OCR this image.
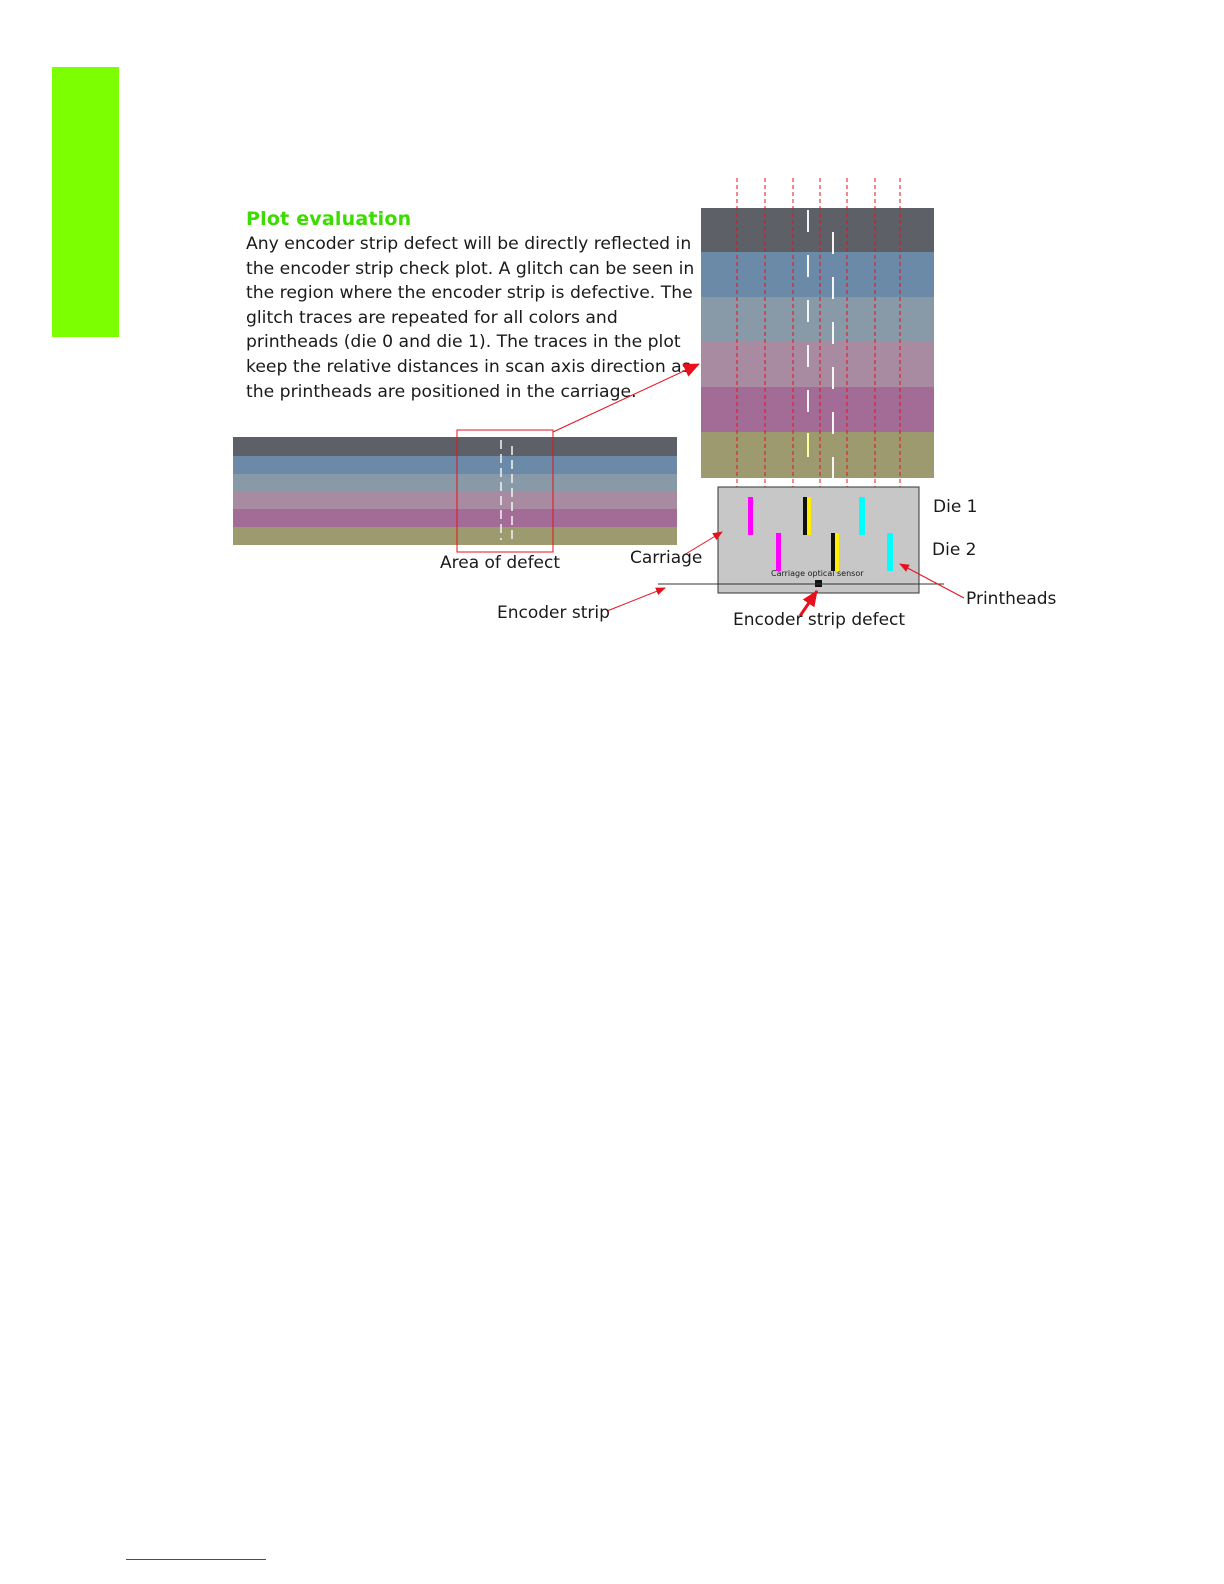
Plot evaluation

Any encoder strip defect will be directly reflected in
the encoder strip check plot. A glitch can be seen in
the region where the encoder strip is defective. The
glitch traces are repeated for all colors and
printheads (die 0 and die 1). The traces in the plot
keep the relative distances in scan axis direction as
the printheads are positioned in the carriage.

Area of defect	Carriage
Die 1
Die 2
Carriage optical sensor
Printheads
Encoder strip	Encoder strip defect
